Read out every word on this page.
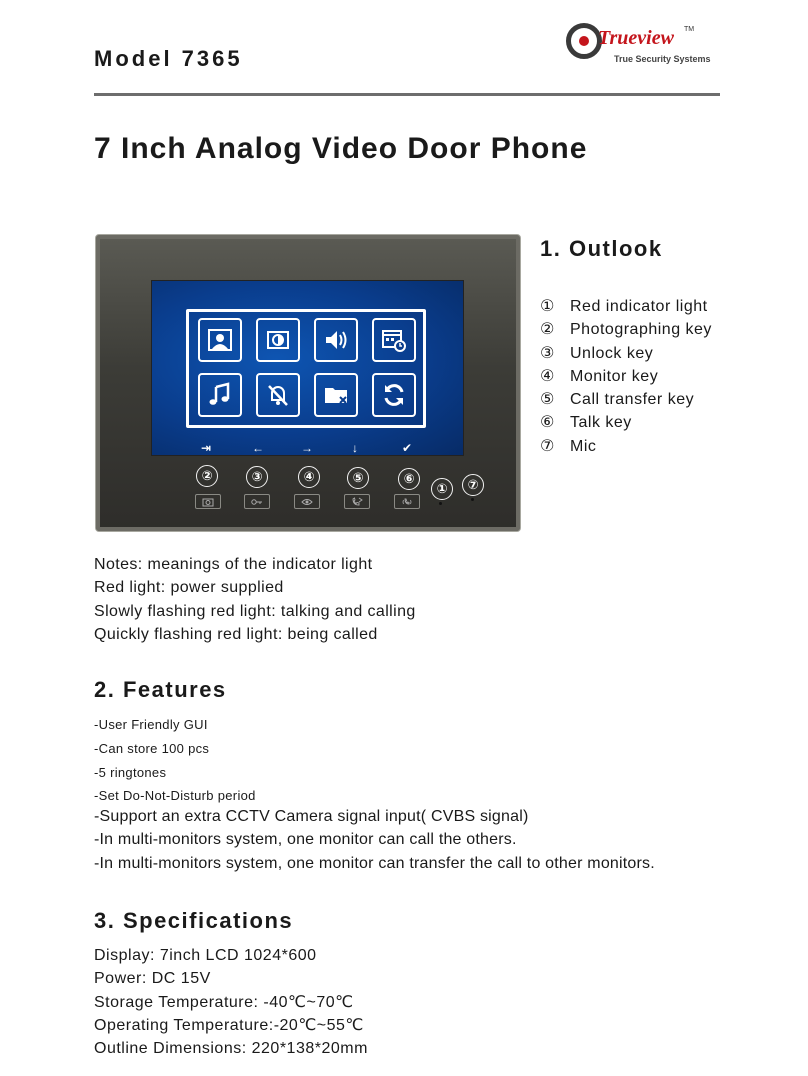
Model 7365
Trueview TM
True Security Systems
7 Inch Analog Video Door Phone
⇥	←	→	↓	✔
②	③	④	⑤	⑥
①	⑦
1. Outlook
① Red indicator light
② Photographing key
③ Unlock key
④ Monitor key
⑤ Call transfer key
⑥ Talk key
⑦ Mic
Notes: meanings of the indicator light
Red light: power supplied
Slowly flashing red light: talking and calling
Quickly flashing red light: being called
2. Features
-User Friendly GUI
-Can store 100 pcs
-5 ringtones
-Set Do-Not-Disturb period
-Support an extra CCTV Camera signal input( CVBS signal)
-In multi-monitors system, one monitor can call the others.
-In multi-monitors system, one monitor can transfer the call to other monitors.
3. Specifications
Display: 7inch LCD 1024*600
Power: DC 15V
Storage Temperature: -40℃~70℃
Operating Temperature:-20℃~55℃
Outline Dimensions: 220*138*20mm
